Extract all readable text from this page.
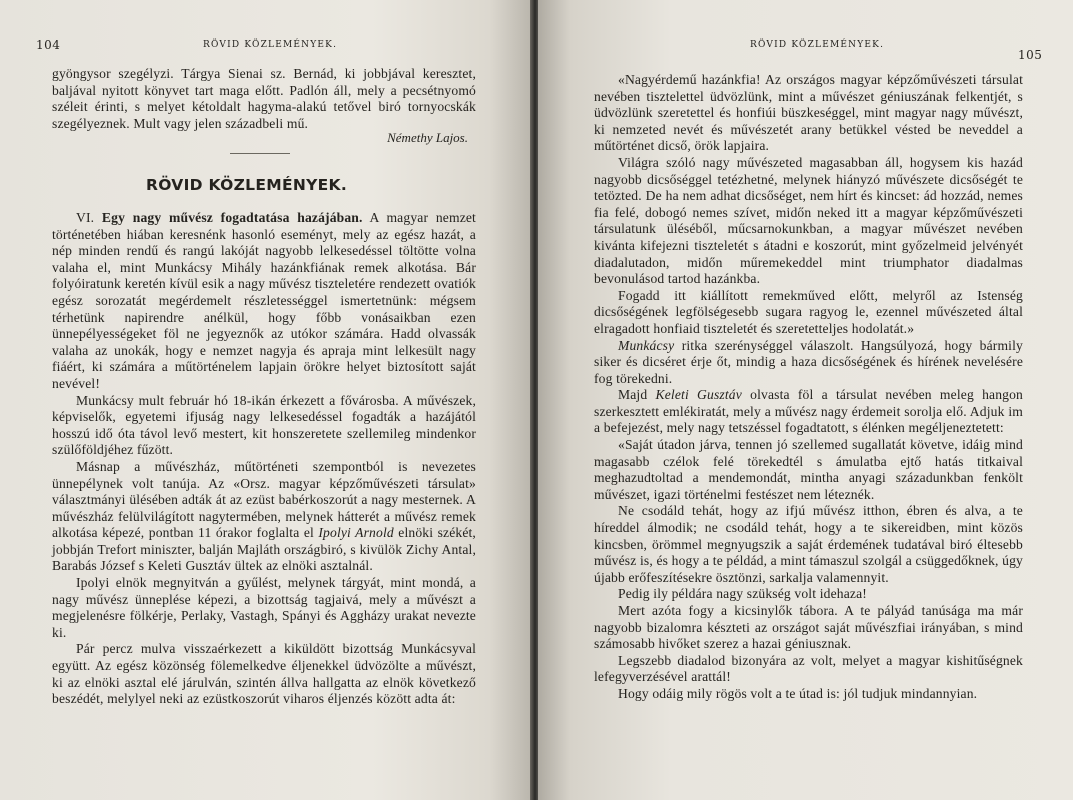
104	RÖVID KÖZLEMÉNYEK.

gyöngysor szegélyzi. Tárgya Sienai sz. Bernád, ki jobbjával keresztet, baljával nyitott könyvet tart maga előtt. Padlón áll, mely a pecsétnyomó széleit érinti, s melyet kétoldalt hagyma-alakú tetővel biró tornyocskák szegélyeznek. Mult vagy jelen századbeli mű.

Némethy Lajos.
RÖVID KÖZLEMÉNYEK.

VI. Egy nagy művész fogadtatása hazájában. A magyar nemzet történetében hiában keresnénk hasonló eseményt, mely az egész hazát, a nép minden rendű és rangú lakóját nagyobb lelkesedéssel töltötte volna valaha el, mint Munkácsy Mihály hazánkfiának remek alkotása. Bár folyóiratunk keretén kívül esik a nagy művész tiszteletére rendezett ovatiók egész sorozatát megérdemelt részletességgel ismertetnünk: mégsem térhetünk napirendre anélkül, hogy főbb vonásaikban ezen ünnepélyességeket föl ne jegyeznők az utókor számára. Hadd olvassák valaha az unokák, hogy e nemzet nagyja és apraja mint lelkesült nagy fiáért, ki számára a műtörténelem lapjain örökre helyet biztosított saját nevével!

Munkácsy mult február hó 18-ikán érkezett a fővárosba. A művészek, képviselők, egyetemi ifjuság nagy lelkesedéssel fogadták a hazájától hosszú idő óta távol levő mestert, kit honszeretete szellemileg mindenkor szülőföldjéhez fűzött.

Másnap a művészház, műtörténeti szempontból is nevezetes ünnepélynek volt tanúja. Az «Orsz. magyar képzőművészeti társulat» választmányi ülésében adták át az ezüst babérkoszorút a nagy mesternek. A művészház felülvilágított nagytermében, melynek hátterét a művész remek alkotása képezé, pontban 11 órakor foglalta el Ipolyi Arnold elnöki székét, jobbján Trefort miniszter, balján Majláth országbiró, s kivülök Zichy Antal, Barabás József s Keleti Gusztáv ültek az elnöki asztalnál.

Ipolyi elnök megnyitván a gyűlést, melynek tárgyát, mint mondá, a nagy művész ünneplése képezi, a bizottság tagjaivá, mely a művészt a megjelenésre fölkérje, Perlaky, Vastagh, Spányi és Aggházy urakat nevezte ki.

Pár percz mulva visszaérkezett a kiküldött bizottság Munkácsyval együtt. Az egész közönség fölemelkedve éljenekkel üdvözölte a művészt, ki az elnöki asztal elé járulván, szintén állva hallgatta az elnök következő beszédét, melylyel neki az ezüstkoszorút viharos éljenzés között adta át:

RÖVID KÖZLEMÉNYEK.
105

«Nagyérdemű hazánkfia! Az országos magyar képzőművészeti társulat nevében tisztelettel üdvözlünk, mint a művészet géniuszának felkentjét, s üdvözlünk szeretettel és honfiúi büszkeséggel, mint magyar nagy művészt, ki nemzeted nevét és művészetét arany betükkel vésted be neveddel a műtörténet dicső, örök lapjaira.

Világra szóló nagy művészeted magasabban áll, hogysem kis hazád nagyobb dicsőséggel tetézhetné, melynek hiányzó művészete dicsőségét te tetözted. De ha nem adhat dicsőséget, nem hírt és kincset: ád hozzád, nemes fia felé, dobogó nemes szívet, midőn neked itt a magyar képzőművészeti társulatunk üléséből, műcsarnokunkban, a magyar művészet nevében kivánta kifejezni tiszteletét s átadni e koszorút, mint győzelmeid jelvényét diadalutadon, midőn műremekeddel mint triumphator diadalmas bevonulásod tartod hazánkba.

Fogadd itt kiállított remekműved előtt, melyről az Istenség dicsőségének legfölségesebb sugara ragyog le, ezennel művészeted által elragadott honfiaid tiszteletét és szeretetteljes hodolatát.»

Munkácsy ritka szerénységgel válaszolt. Hangsúlyozá, hogy bármily siker és dicséret érje őt, mindig a haza dicsőségének és hírének nevelésére fog törekedni.

Majd Keleti Gusztáv olvasta föl a társulat nevében meleg hangon szerkesztett emlékiratát, mely a művész nagy érdemeit sorolja elő. Adjuk im a befejezést, mely nagy tetszéssel fogadtatott, s élénken megéljeneztetett:

«Saját útadon járva, tennen jó szellemed sugallatát követve, idáig mind magasabb czélok felé törekedtél s ámulatba ejtő hatás titkaival meghazudtoltad a mendemondát, mintha anyagi századunkban fenkölt művészet, igazi történelmi festészet nem léteznék.

Ne csodáld tehát, hogy az ifjú művész itthon, ébren és alva, a te híreddel álmodik; ne csodáld tehát, hogy a te sikereidben, mint közös kincsben, örömmel megnyugszik a saját érdemének tudatával biró éltesebb művész is, és hogy a te példád, a mint támaszul szolgál a csüggedőknek, úgy újabb erőfeszítésekre ösztönzi, sarkalja valamennyit.

Pedig ily példára nagy szükség volt idehaza!

Mert azóta fogy a kicsinylők tábora. A te pályád tanúsága ma már nagyobb bizalomra készteti az országot saját művészfiai irányában, s mind számosabb hivőket szerez a hazai géniusznak.

Legszebb diadalod bizonyára az volt, melyet a magyar kishitűségnek lefegyverzésével arattál!

Hogy odáig mily rögös volt a te útad is: jól tudjuk mindannyian.
